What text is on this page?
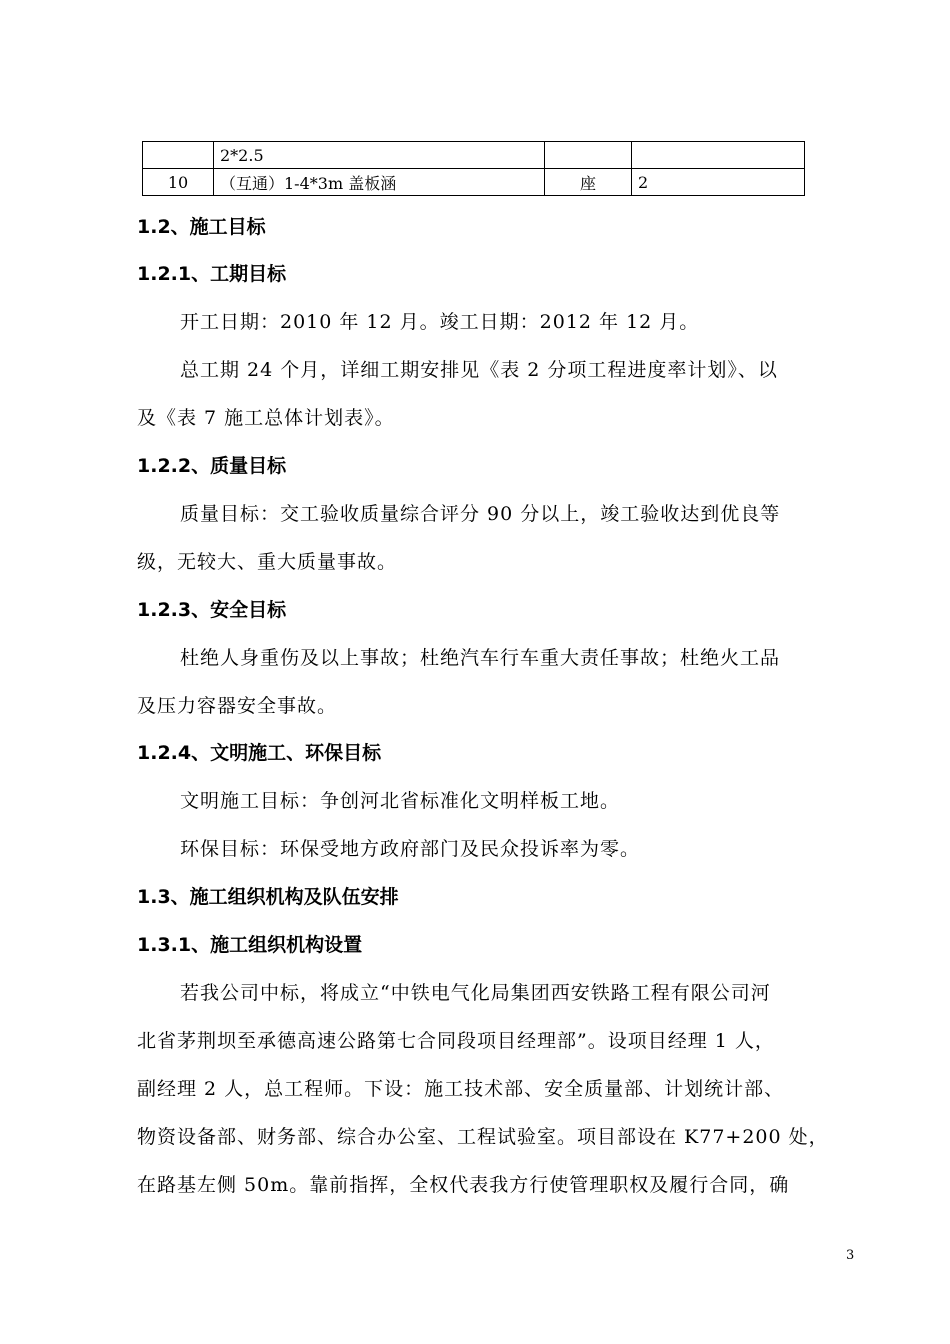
	2*2.5		
10	（互通）1-4*3m 盖板涵	座	2
1.2、施工目标
1.2.1、工期目标
开工日期：2010 年 12 月。竣工日期：2012 年 12 月。
总工期 24 个月，详细工期安排见《表 2 分项工程进度率计划》、以
及《表 7 施工总体计划表》。
1.2.2、质量目标
质量目标：交工验收质量综合评分 90 分以上，竣工验收达到优良等
级，无较大、重大质量事故。
1.2.3、安全目标
杜绝人身重伤及以上事故；杜绝汽车行车重大责任事故；杜绝火工品
及压力容器安全事故。
1.2.4、文明施工、环保目标
文明施工目标：争创河北省标准化文明样板工地。
环保目标：环保受地方政府部门及民众投诉率为零。
1.3、施工组织机构及队伍安排
1.3.1、施工组织机构设置
若我公司中标，将成立“中铁电气化局集团西安铁路工程有限公司河
北省茅荆坝至承德高速公路第七合同段项目经理部”。设项目经理 1 人，
副经理 2 人，总工程师。下设：施工技术部、安全质量部、计划统计部、
物资设备部、财务部、综合办公室、工程试验室。项目部设在 K77+200 处，
在路基左侧 50m。靠前指挥，全权代表我方行使管理职权及履行合同，确
3
